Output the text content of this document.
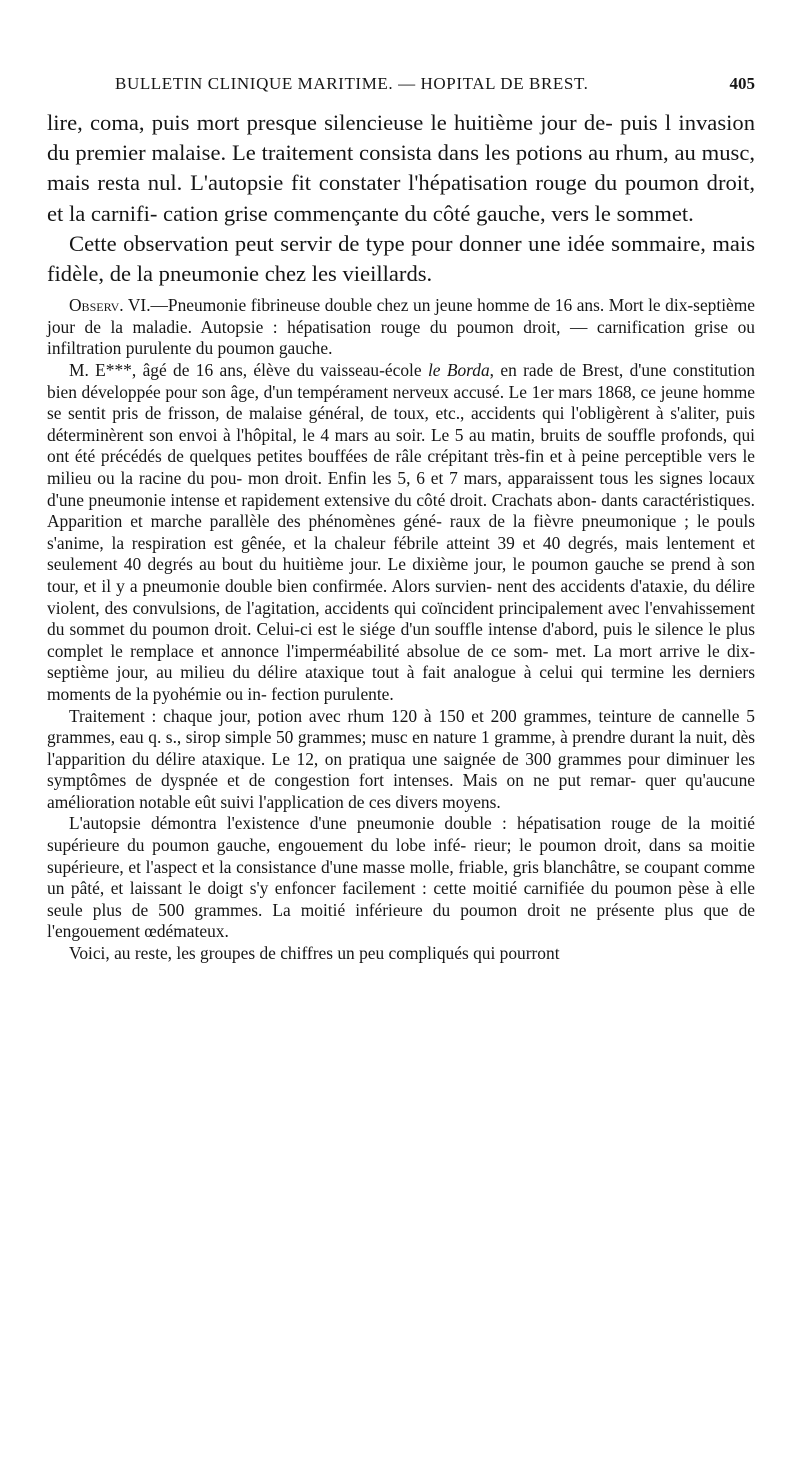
BULLETIN CLINIQUE MARITIME. — HOPITAL DE BREST.	405

lire, coma, puis mort presque silencieuse le huitième jour de- puis l invasion du premier malaise. Le traitement consista dans les potions au rhum, au musc, mais resta nul. L'autopsie fit constater l'hépatisation rouge du poumon droit, et la carnifi- cation grise commençante du côté gauche, vers le sommet.

Cette observation peut servir de type pour donner une idée sommaire, mais fidèle, de la pneumonie chez les vieillards.

Observ. VI.—Pneumonie fibrineuse double chez un jeune homme de 16 ans. Mort le dix-septième jour de la maladie. Autopsie : hépatisation rouge du poumon droit, — carnification grise ou infiltration purulente du poumon gauche.

M. E***, âgé de 16 ans, élève du vaisseau-école le Borda, en rade de Brest, d'une constitution bien développée pour son âge, d'un tempérament nerveux accusé. Le 1er mars 1868, ce jeune homme se sentit pris de frisson, de malaise général, de toux, etc., accidents qui l'obligèrent à s'aliter, puis déterminèrent son envoi à l'hôpital, le 4 mars au soir. Le 5 au matin, bruits de souffle profonds, qui ont été précédés de quelques petites bouffées de râle crépitant très-fin et à peine perceptible vers le milieu ou la racine du pou- mon droit. Enfin les 5, 6 et 7 mars, apparaissent tous les signes locaux d'une pneumonie intense et rapidement extensive du côté droit. Crachats abon- dants caractéristiques. Apparition et marche parallèle des phénomènes géné- raux de la fièvre pneumonique ; le pouls s'anime, la respiration est gênée, et la chaleur fébrile atteint 39 et 40 degrés, mais lentement et seulement 40 degrés au bout du huitième jour. Le dixième jour, le poumon gauche se prend à son tour, et il y a pneumonie double bien confirmée. Alors survien- nent des accidents d'ataxie, du délire violent, des convulsions, de l'agitation, accidents qui coïncident principalement avec l'envahissement du sommet du poumon droit. Celui-ci est le siége d'un souffle intense d'abord, puis le silence le plus complet le remplace et annonce l'imperméabilité absolue de ce som- met. La mort arrive le dix-septième jour, au milieu du délire ataxique tout à fait analogue à celui qui termine les derniers moments de la pyohémie ou in- fection purulente.

Traitement : chaque jour, potion avec rhum 120 à 150 et 200 grammes, teinture de cannelle 5 grammes, eau q. s., sirop simple 50 grammes; musc en nature 1 gramme, à prendre durant la nuit, dès l'apparition du délire ataxique. Le 12, on pratiqua une saignée de 300 grammes pour diminuer les symptômes de dyspnée et de congestion fort intenses. Mais on ne put remar- quer qu'aucune amélioration notable eût suivi l'application de ces divers moyens.

L'autopsie démontra l'existence d'une pneumonie double : hépatisation rouge de la moitié supérieure du poumon gauche, engouement du lobe infé- rieur; le poumon droit, dans sa moitie supérieure, et l'aspect et la consistance d'une masse molle, friable, gris blanchâtre, se coupant comme un pâté, et laissant le doigt s'y enfoncer facilement : cette moitié carnifiée du poumon pèse à elle seule plus de 500 grammes. La moitié inférieure du poumon droit ne présente plus que de l'engouement œdémateux.

Voici, au reste, les groupes de chiffres un peu compliqués qui pourront
